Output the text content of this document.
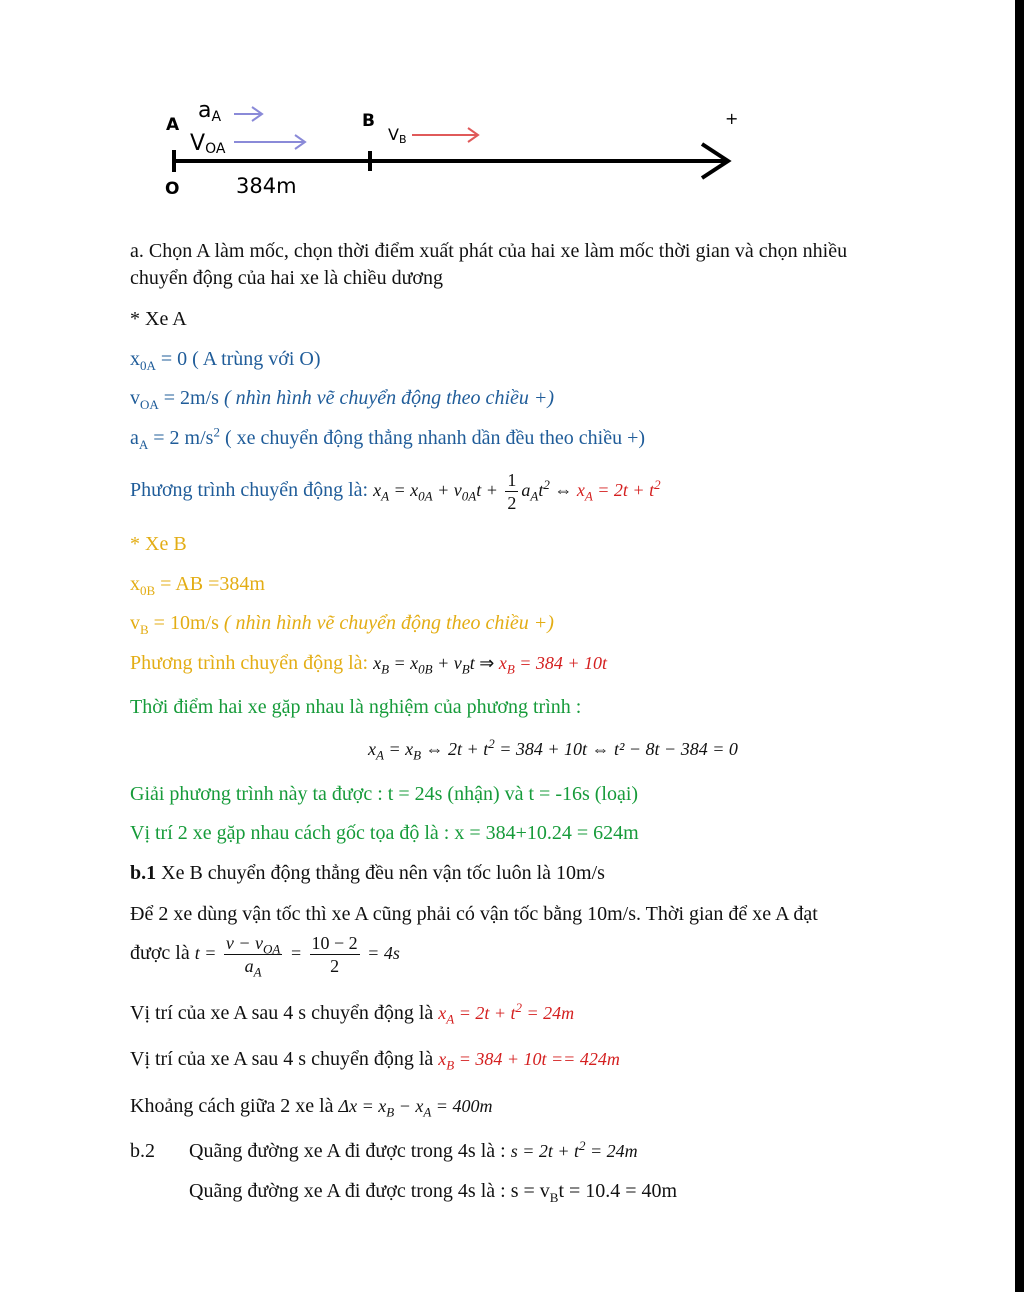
A
O
B
384m
+
aA
VOA
VB
a. Chọn A làm mốc, chọn thời điểm xuất phát của hai xe làm mốc thời gian và chọn nhiều
chuyển động của hai xe là chiều dương
* Xe A
$x_{0A} = 0$ ( A trùng với O)
$v_{OA} = 2m/s$ ( nhìn hình vẽ chuyển động theo chiều +)
$a_A = 2$ $m/s^2$ ( xe chuyển động thẳng nhanh dần đều theo chiều +)
Phương trình chuyển động là: $x_A = x_{0A} + v_{0A}t + \frac{1}{2} a_At^2$ ⇔ $x_A = 2t + t^2$
* Xe B
$x_{0B}$ = AB =384m
$v_B = 10m/s$ ( nhìn hình vẽ chuyển động theo chiều +)
Phương trình chuyển động là: $x_B = x_{0B} + v_Bt$ ⇒ $x_B = 384 + 10t$
Thời điểm hai xe gặp nhau là nghiệm của phương trình :
$x_A = x_B$ ⇔ $2t + t^2 = 384 + 10t$ ⇔ t² − 8t − 384 = 0
Giải phương trình này ta được : t = 24s (nhận) và t = -16s (loại)
Vị trí 2 xe gặp nhau cách gốc tọa độ là : x = 384+10.24 = 624m
b.1 Xe B chuyển động thẳng đều nên vận tốc luôn là 10m/s
Để 2 xe dùng vận tốc thì xe A cũng phải có vận tốc bằng 10m/s. Thời gian để xe A đạt
được là $t = \frac{v - v_{OA}}{a_A} = \frac{10 - 2}{2} = 4s$
Vị trí của xe A sau 4 s chuyển động là $x_A = 2t + t^2 = 24m$
Vị trí của xe A sau 4 s chuyển động là $x_B = 384 + 10t == 424m$
Khoảng cách giữa 2 xe là $\Delta x = x_B - x_A = 400m$
b.2 Quãng đường xe A đi được trong 4s là : $s = 2t + t^2 = 24m$
Quãng đường xe A đi được trong 4s là : $s = v_Bt = 10.4 = 40m$
